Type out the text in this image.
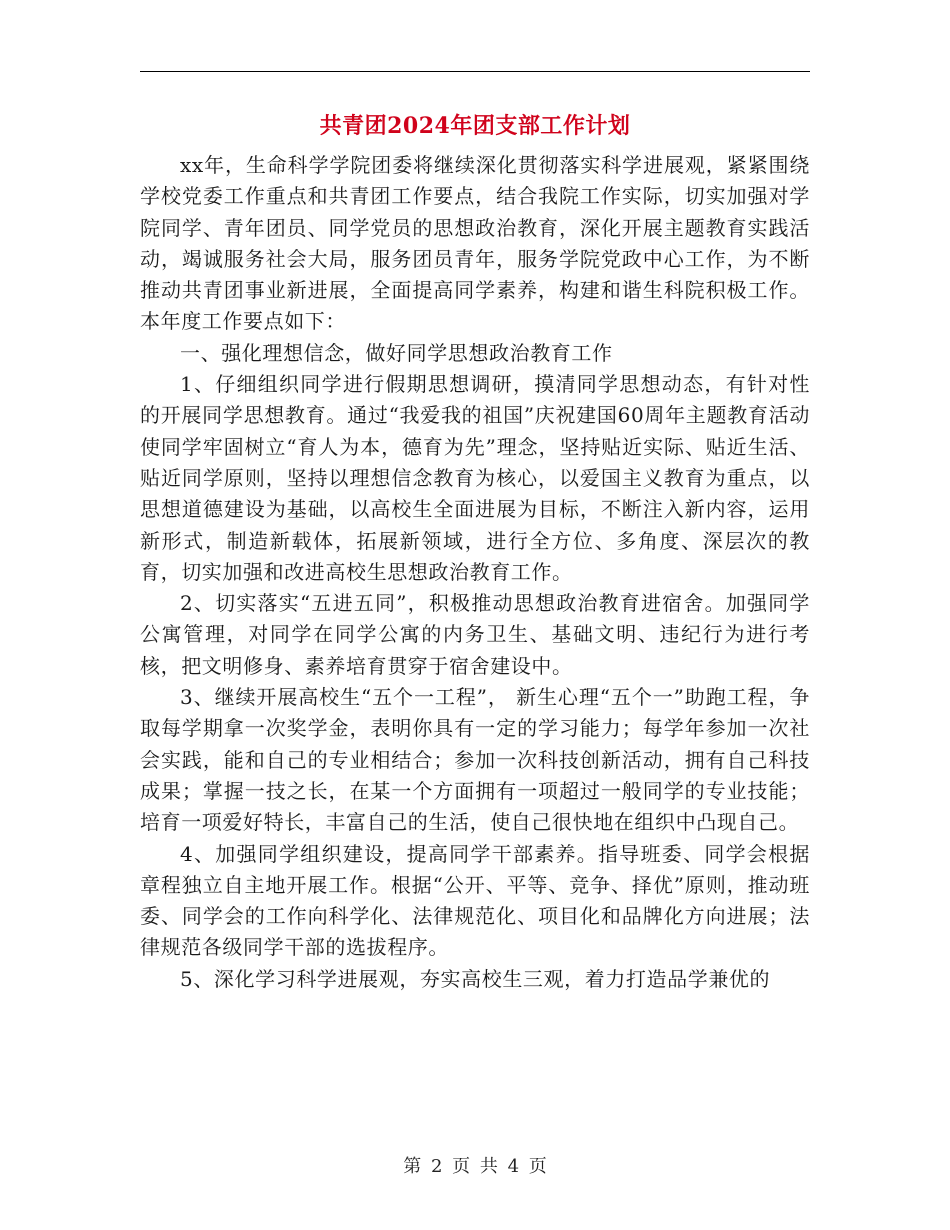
共青团2024年团支部工作计划

xx年，生命科学学院团委将继续深化贯彻落实科学进展观，紧紧围绕学校党委工作重点和共青团工作要点，结合我院工作实际，切实加强对学院同学、青年团员、同学党员的思想政治教育，深化开展主题教育实践活动，竭诚服务社会大局，服务团员青年，服务学院党政中心工作，为不断推动共青团事业新进展，全面提高同学素养，构建和谐生科院积极工作。本年度工作要点如下：

一、强化理想信念，做好同学思想政治教育工作

1、仔细组织同学进行假期思想调研，摸清同学思想动态，有针对性的开展同学思想教育。通过“我爱我的祖国”庆祝建国60周年主题教育活动使同学牢固树立“育人为本，德育为先”理念，坚持贴近实际、贴近生活、贴近同学原则，坚持以理想信念教育为核心，以爱国主义教育为重点，以思想道德建设为基础，以高校生全面进展为目标，不断注入新内容，运用新形式，制造新载体，拓展新领域，进行全方位、多角度、深层次的教育，切实加强和改进高校生思想政治教育工作。

2、切实落实“五进五同”，积极推动思想政治教育进宿舍。加强同学公寓管理，对同学在同学公寓的内务卫生、基础文明、违纪行为进行考核，把文明修身、素养培育贯穿于宿舍建设中。

3、继续开展高校生“五个一工程”， 新生心理“五个一”助跑工程，争取每学期拿一次奖学金，表明你具有一定的学习能力；每学年参加一次社会实践，能和自己的专业相结合；参加一次科技创新活动，拥有自己科技成果；掌握一技之长，在某一个方面拥有一项超过一般同学的专业技能；培育一项爱好特长，丰富自己的生活，使自己很快地在组织中凸现自己。

4、加强同学组织建设，提高同学干部素养。指导班委、同学会根据章程独立自主地开展工作。根据“公开、平等、竞争、择优”原则，推动班委、同学会的工作向科学化、法律规范化、项目化和品牌化方向进展；法律规范各级同学干部的选拔程序。

5、深化学习科学进展观，夯实高校生三观，着力打造品学兼优的

第 2 页 共 4 页
